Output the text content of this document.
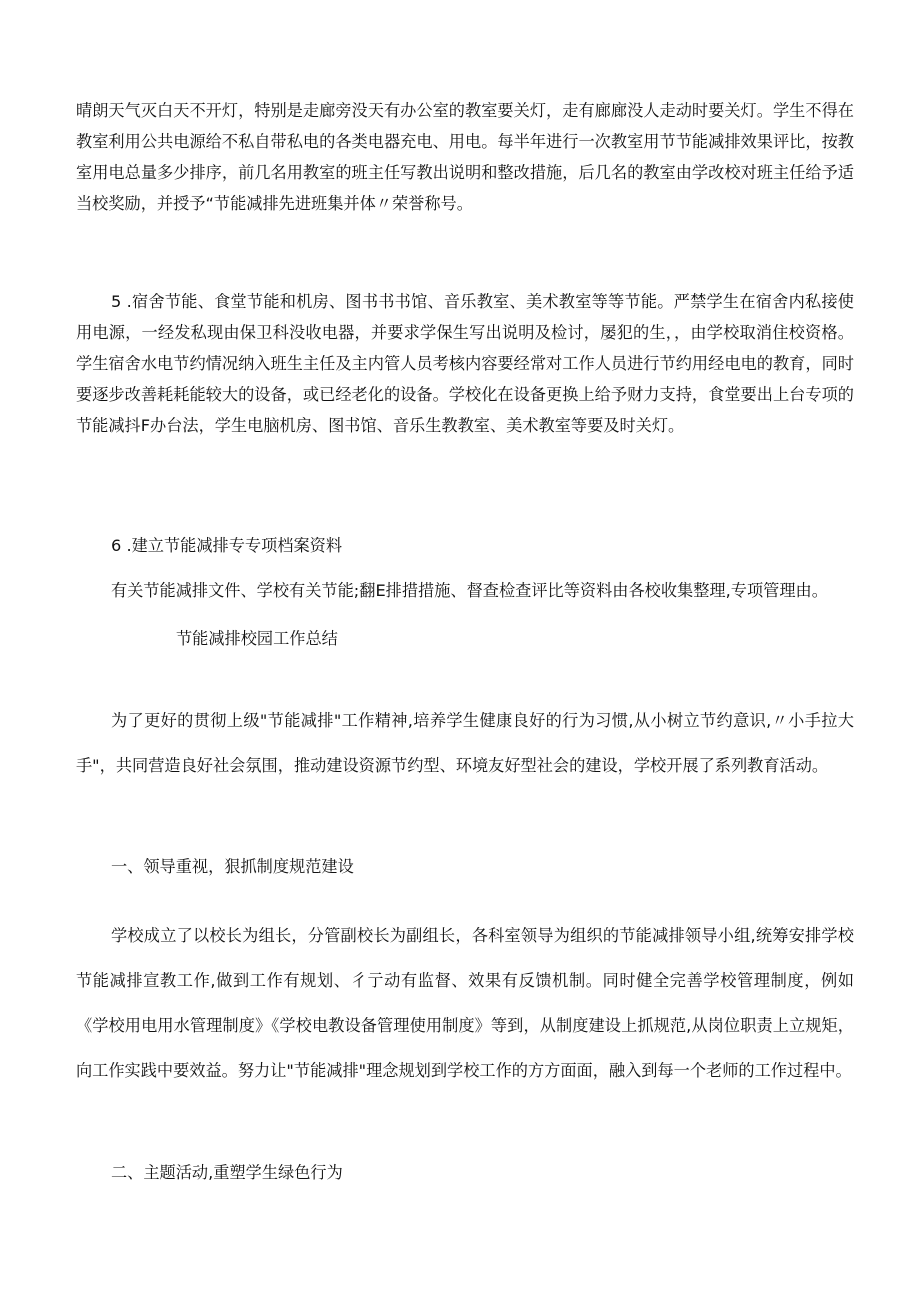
晴朗天气灭白天不开灯，特别是走廊旁没天有办公室的教室要关灯，走有廊廊没人走动时要关灯。学生不得在教室利用公共电源给不私自带私电的各类电器充电、用电。每半年进行一次教室用节节能减排效果评比，按教室用电总量多少排序，前几名用教室的班主任写教出说明和整改措施，后几名的教室由学改校对班主任给予适当校奖励，并授予“节能减排先进班集并体〃荣誉称号。

5 .宿舍节能、食堂节能和机房、图书书书馆、音乐教室、美术教室等等节能。严禁学生在宿舍内私接使用电源，一经发私现由保卫科没收电器，并要求学保生写出说明及检讨，屡犯的生，，由学校取消住校资格。学生宿舍水电节约情况纳入班生主任及主内管人员考核内容要经常对工作人员进行节约用经电电的教育，同时要逐步改善耗耗能较大的设备，或已经老化的设备。学校化在设备更换上给予财力支持，食堂要出上台专项的节能减抖F办台法，学生电脑机房、图书馆、音乐生教教室、美术教室等要及时关灯。

6 .建立节能减排专专项档案资料

有关节能减排文件、学校有关节能;翻E排措措施、督查检查评比等资料由各校收集整理,专项管理由。

节能减排校园工作总结

为了更好的贯彻上级"节能减排"工作精神,培养学生健康良好的行为习惯,从小树立节约意识,〃小手拉大手"，共同营造良好社会氛围，推动建设资源节约型、环境友好型社会的建设，学校开展了系列教育活动。

一、领导重视，狠抓制度规范建设

学校成立了以校长为组长，分管副校长为副组长，各科室领导为组织的节能减排领导小组,统筹安排学校节能减排宣教工作,做到工作有规划、彳亍动有监督、效果有反馈机制。同时健全完善学校管理制度，例如《学校用电用水管理制度》《学校电教设备管理使用制度》等到，从制度建设上抓规范,从岗位职责上立规矩，向工作实践中要效益。努力让"节能减排"理念规划到学校工作的方方面面，融入到每一个老师的工作过程中。

二、主题活动,重塑学生绿色行为
